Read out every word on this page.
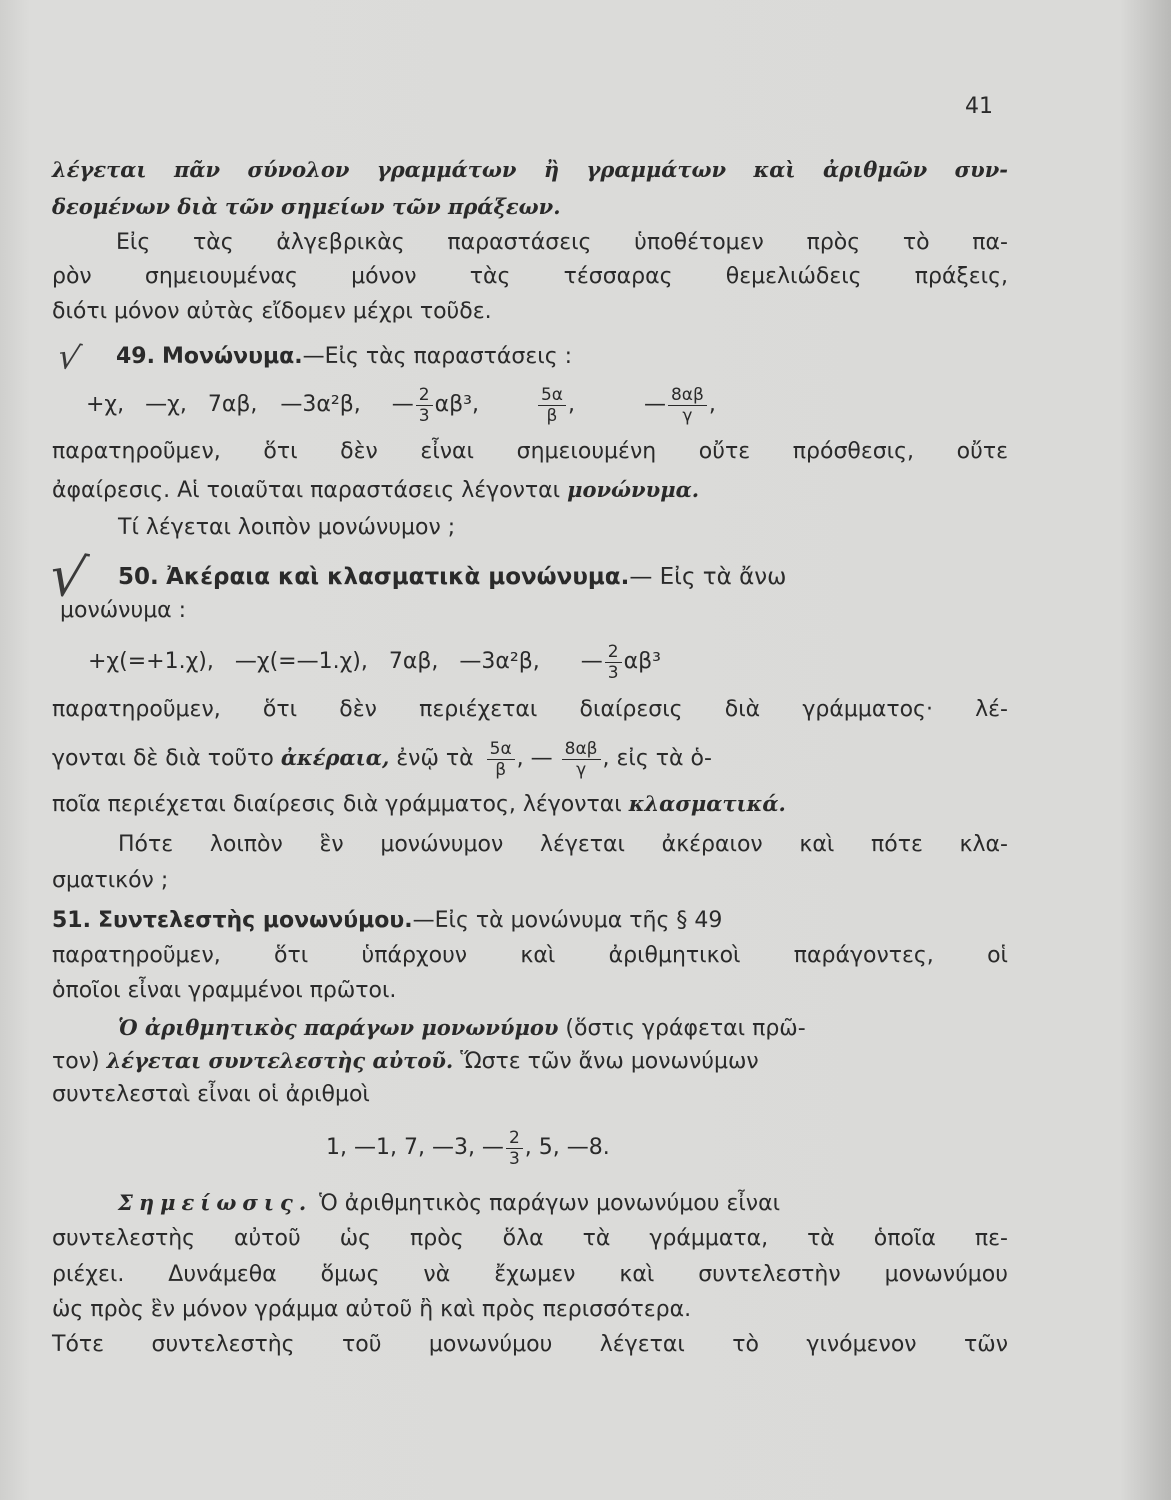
41
λέγεται πᾶν σύνολον γραμμάτων ἢ γραμμάτων καὶ ἀριθμῶν συν-
δεομένων διὰ τῶν σημείων τῶν πράξεων.
Εἰς τὰς ἀλγεβρικὰς παραστάσεις ὑποθέτομεν πρὸς τὸ πα-
ρὸν σημειουμένας μόνον τὰς τέσσαρας θεμελιώδεις πράξεις,
διότι μόνον αὐτὰς εἴδομεν μέχρι τοῦδε.
√ 49. Μονώνυμα.—Εἰς τὰς παραστάσεις :
+χ, —χ, 7αβ, —3α²β, — $\frac{2}{3} \alpha\beta^3$,	$\frac{5\alpha}{\beta}$ ,	— $\frac{8\alpha\beta}{\gamma}$ ,
παρατηροῦμεν, ὅτι δὲν εἶναι σημειουμένη οὔτε πρόσθεσις, οὔτε
ἀφαίρεσις. Αἱ τοιαῦται παραστάσεις λέγονται μονώνυμα.
Τί λέγεται λοιπὸν μονώνυμον ;
√ 50. Ἀκέραια καὶ κλασματικὰ μονώνυμα.— Εἰς τὰ ἄνω
μονώνυμα :
+χ(=+1.χ), —χ(=—1.χ), 7αβ, —3α²β, — $\frac{2}{3} \alpha\beta^3$
παρατηροῦμεν, ὅτι δὲν περιέχεται διαίρεσις διὰ γράμματος· λέ-
γονται δὲ διὰ τοῦτο ἀκέραια, ἐνῷ τὰ $\frac{5\alpha}{\beta}$ , — $\frac{8\alpha\beta}{\gamma}$ , εἰς τὰ ὁ-
ποῖα περιέχεται διαίρεσις διὰ γράμματος, λέγονται κλασματικά.
Πότε λοιπὸν ἓν μονώνυμον λέγεται ἀκέραιον καὶ πότε κλα-
σματικόν ;
51. Συντελεστὴς μονωνύμου.—Εἰς τὰ μονώνυμα τῆς § 49
παρατηροῦμεν, ὅτι ὑπάρχουν καὶ ἀριθμητικοὶ παράγοντες, οἱ
ὁποῖοι εἶναι γραμμένοι πρῶτοι.
Ὁ ἀριθμητικὸς παράγων μονωνύμου (ὅστις γράφεται πρῶ-
τον) λέγεται συντελεστὴς αὐτοῦ. Ὥστε τῶν ἄνω μονωνύμων
συντελεσταὶ εἶναι οἱ ἀριθμοὶ
1, —1, 7, —3, — $\frac{2}{3}$ , 5, —8.
Σημείωσις. Ὁ ἀριθμητικὸς παράγων μονωνύμου εἶναι
συντελεστὴς αὐτοῦ ὡς πρὸς ὅλα τὰ γράμματα, τὰ ὁποῖα πε-
ριέχει. Δυνάμεθα ὅμως νὰ ἔχωμεν καὶ συντελεστὴν μονωνύμου
ὡς πρὸς ἓν μόνον γράμμα αὐτοῦ ἢ καὶ πρὸς περισσότερα.
Τότε συντελεστὴς τοῦ μονωνύμου λέγεται τὸ γινόμενον τῶν
